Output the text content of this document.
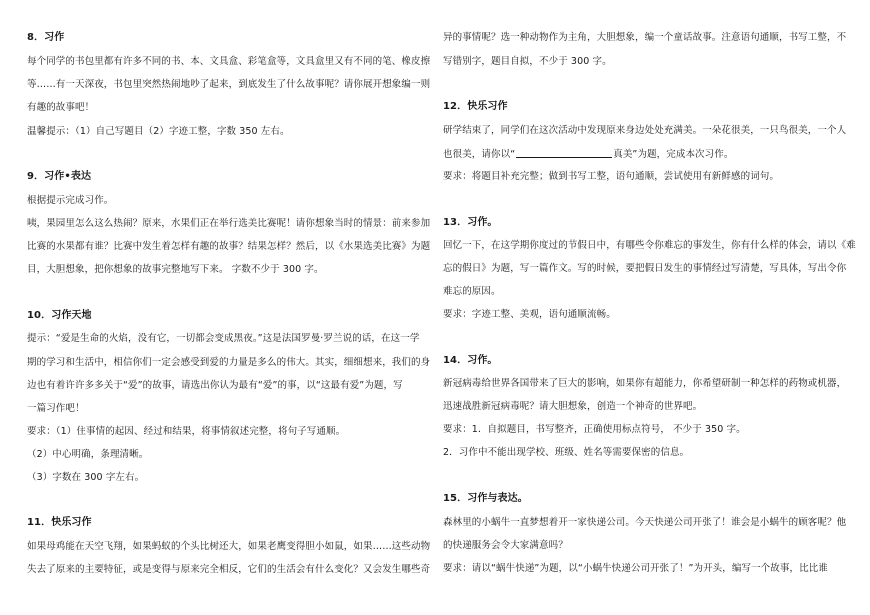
8．习作
每个同学的书包里都有许多不同的书、本、文具盒、彩笔盒等，文具盒里又有不同的笔、橡皮擦
等……有一天深夜，书包里突然热闹地吵了起来，到底发生了什么故事呢？请你展开想象编一则
有趣的故事吧！
温馨提示：（1）自己写题目（2）字迹工整，字数 350 左右。
9．习作•表达
根据提示完成习作。
咦，果园里怎么这么热闹？原来，水果们正在举行选美比赛呢！请你想象当时的情景：前来参加
比赛的水果都有谁？比赛中发生着怎样有趣的故事？结果怎样？然后，以《水果选美比赛》为题
目，大胆想象，把你想象的故事完整地写下来。 字数不少于 300 字。
10．习作天地
提示：“爱是生命的火焰，没有它，一切都会变成黑夜。”这是法国罗曼·罗兰说的话，在这一学
期的学习和生活中，相信你们一定会感受到爱的力量是多么的伟大。其实，细细想来，我们的身
边也有着许许多多关于“爱”的故事，请选出你认为最有“爱”的事，以“这最有爱”为题，写
一篇习作吧！
要求：（1）住事情的起因、经过和结果，将事情叙述完整，将句子写通顺。
（2）中心明确，条理清晰。
（3）字数在 300 字左右。
11．快乐习作
如果母鸡能在天空飞翔，如果蚂蚁的个头比树还大，如果老鹰变得胆小如鼠，如果……这些动物
失去了原来的主要特征，或是变得与原来完全相反，它们的生活会有什么变化？又会发生哪些奇
异的事情呢？选一种动物作为主角，大胆想象，编一个童话故事。注意语句通顺，书写工整，不
写错别字，题目自拟，不少于 300 字。
12．快乐习作
研学结束了，同学们在这次活动中发现原来身边处处充满美。一朵花很美，一只鸟很美，一个人
也很美，请你以“	真美”为题，完成本次习作。
要求：将题目补充完整；做到书写工整，语句通顺，尝试使用有新鲜感的词句。
13．习作。
回忆一下，在这学期你度过的节假日中，有哪些令你难忘的事发生，你有什么样的体会，请以《难
忘的假日》为题，写一篇作文。写的时候，要把假日发生的事情经过写清楚，写具体，写出令你
难忘的原因。
要求：字迹工整、美观，语句通顺流畅。
14．习作。
新冠病毒给世界各国带来了巨大的影响，如果你有超能力，你希望研制一种怎样的药物或机器，
迅速战胜新冠病毒呢？请大胆想象，创造一个神奇的世界吧。
要求：1．自拟题目，书写整齐，正确使用标点符号， 不少于 350 字。
2．习作中不能出现学校、班级、姓名等需要保密的信息。
15．习作与表达。
森林里的小蜗牛一直梦想着开一家快递公司。今天快递公司开张了！谁会是小蜗牛的顾客呢？他
的快递服务会令大家满意吗？
要求：请以“蜗牛快递”为题，以“小蜗牛快递公司开张了！”为开头，编写一个故事，比比谁
